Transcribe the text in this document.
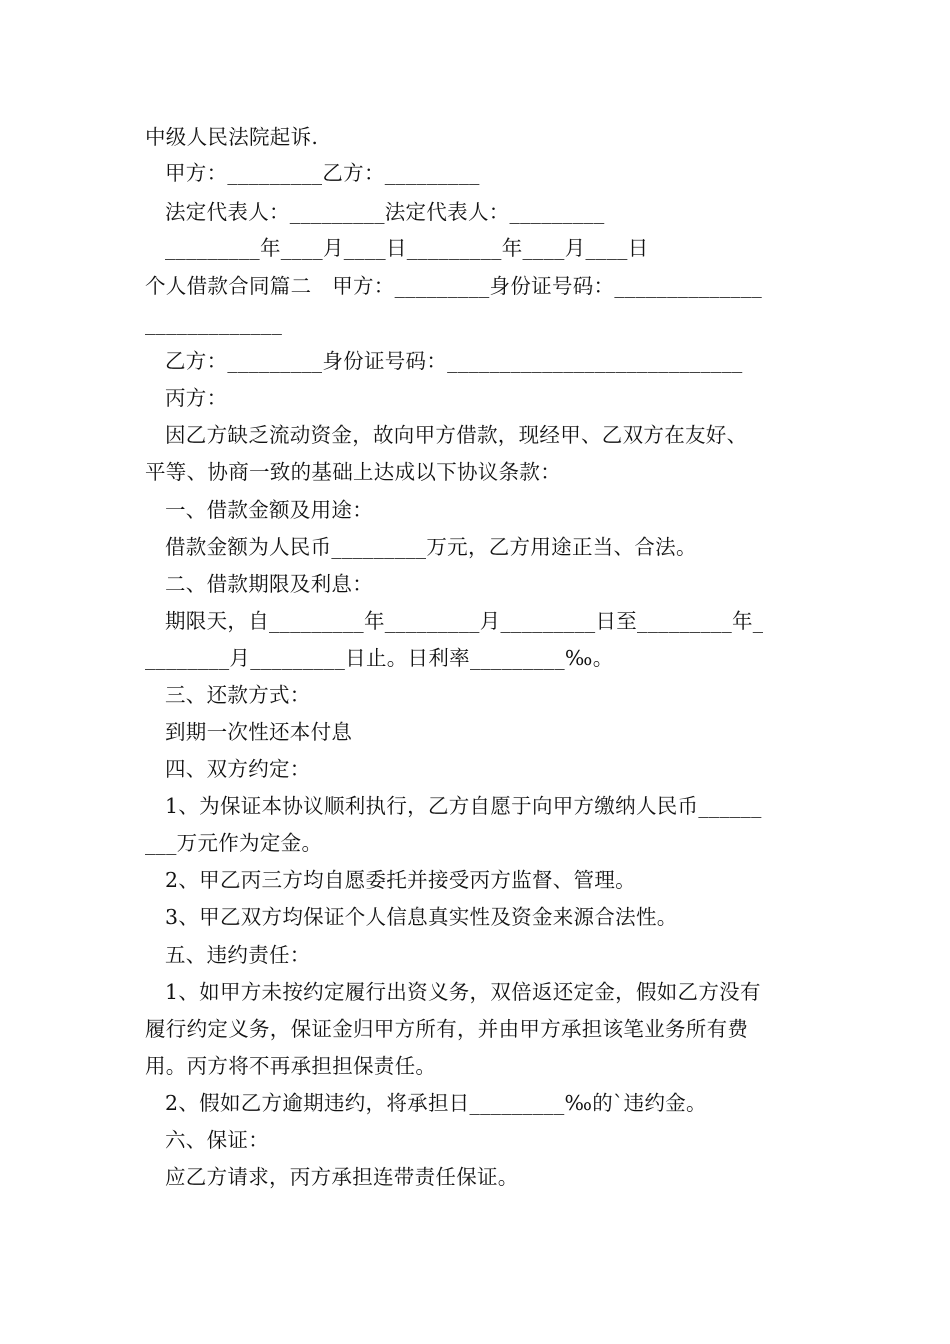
中级人民法院起诉.
甲方：_________乙方：_________
法定代表人：_________法定代表人：_________
_________年____月____日_________年____月____日
个人借款合同篇二　甲方：_________身份证号码：______________
_____________
乙方：_________身份证号码：____________________________
丙方：
因乙方缺乏流动资金，故向甲方借款，现经甲、乙双方在友好、
平等、协商一致的基础上达成以下协议条款：
一、借款金额及用途：
借款金额为人民币_________万元，乙方用途正当、合法。
二、借款期限及利息：
期限天，自_________年_________月_________日至_________年_
________月_________日止。日利率_________‰。
三、还款方式：
到期一次性还本付息
四、双方约定：
1、为保证本协议顺利执行，乙方自愿于向甲方缴纳人民币______
___万元作为定金。
2、甲乙丙三方均自愿委托并接受丙方监督、管理。
3、甲乙双方均保证个人信息真实性及资金来源合法性。
五、违约责任：
1、如甲方未按约定履行出资义务，双倍返还定金，假如乙方没有
履行约定义务，保证金归甲方所有，并由甲方承担该笔业务所有费
用。丙方将不再承担担保责任。
2、假如乙方逾期违约，将承担日_________‰的`违约金。
六、保证：
应乙方请求，丙方承担连带责任保证。
